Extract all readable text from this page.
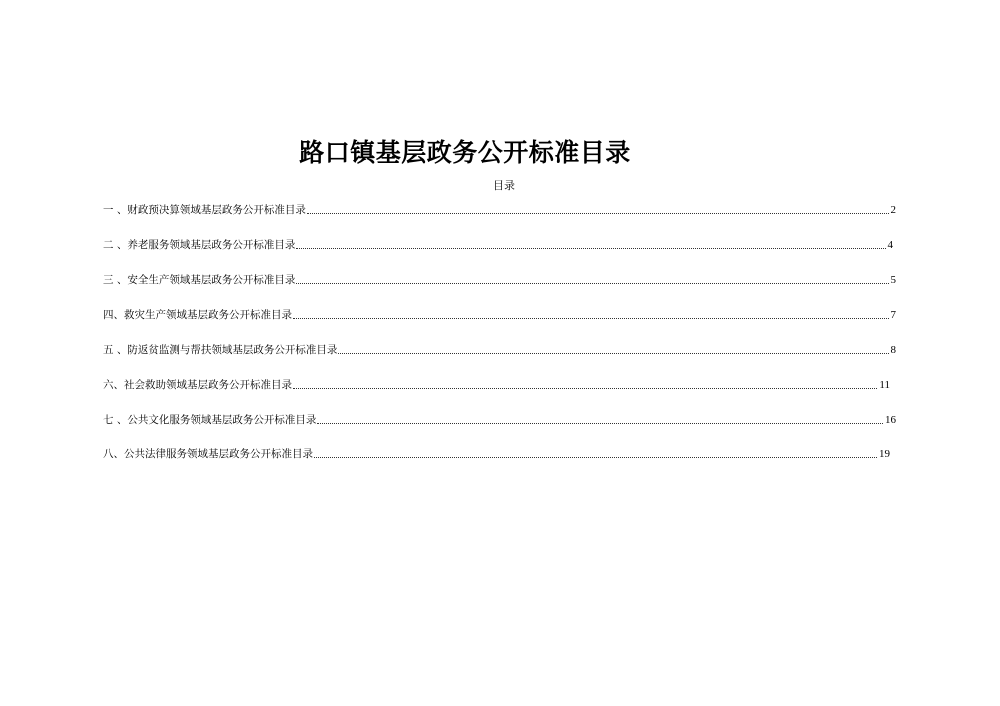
路口镇基层政务公开标准目录
目录
一 、财政预决算领域基层政务公开标准目录	2
二 、养老服务领域基层政务公开标准目录	4
三 、安全生产领域基层政务公开标准目录	5
四、救灾生产领域基层政务公开标准目录	7
五 、防返贫监测与帮扶领域基层政务公开标准目录	8
六、社会救助领域基层政务公开标准目录	11
七 、公共文化服务领域基层政务公开标准目录	16
八、公共法律服务领域基层政务公开标准目录	19
